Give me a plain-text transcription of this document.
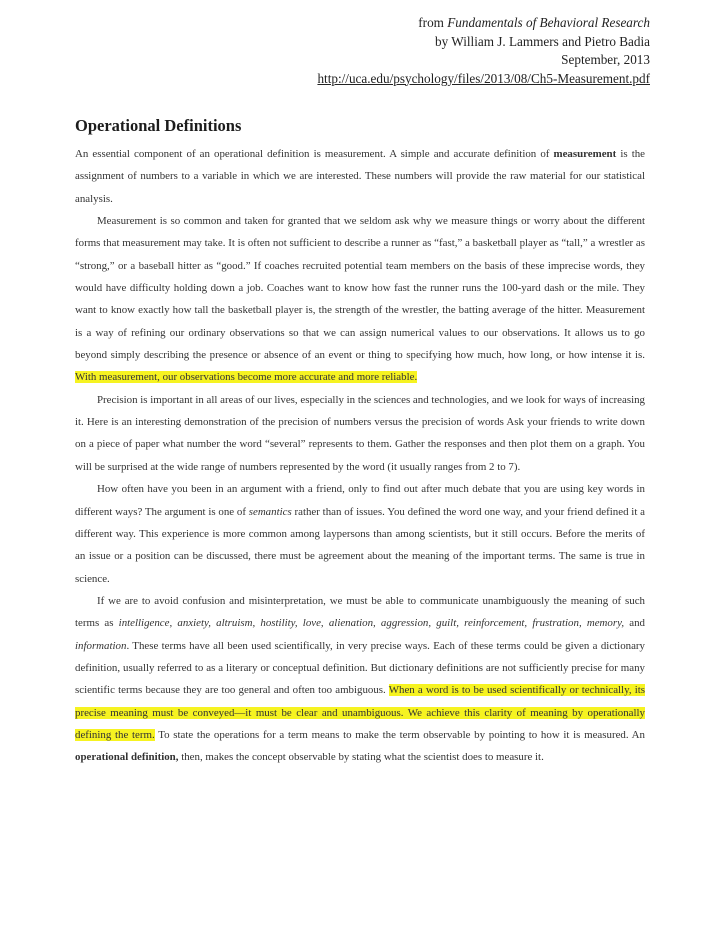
from Fundamentals of Behavioral Research
by William J. Lammers and Pietro Badia
September, 2013
http://uca.edu/psychology/files/2013/08/Ch5-Measurement.pdf
Operational Definitions

An essential component of an operational definition is measurement. A simple and accurate definition of measurement is the assignment of numbers to a variable in which we are interested. These numbers will provide the raw material for our statistical analysis.

Measurement is so common and taken for granted that we seldom ask why we measure things or worry about the different forms that measurement may take. It is often not sufficient to describe a runner as “fast,” a basketball player as “tall,” a wrestler as “strong,” or a baseball hitter as “good.” If coaches recruited potential team members on the basis of these imprecise words, they would have difficulty holding down a job. Coaches want to know how fast the runner runs the 100-yard dash or the mile. They want to know exactly how tall the basketball player is, the strength of the wrestler, the batting average of the hitter. Measurement is a way of refining our ordinary observations so that we can assign numerical values to our observations. It allows us to go beyond simply describing the presence or absence of an event or thing to specifying how much, how long, or how intense it is. With measurement, our observations become more accurate and more reliable.

Precision is important in all areas of our lives, especially in the sciences and technologies, and we look for ways of increasing it. Here is an interesting demonstration of the precision of numbers versus the precision of words Ask your friends to write down on a piece of paper what number the word “several” represents to them. Gather the responses and then plot them on a graph. You will be surprised at the wide range of numbers represented by the word (it usually ranges from 2 to 7).

How often have you been in an argument with a friend, only to find out after much debate that you are using key words in different ways? The argument is one of semantics rather than of issues. You defined the word one way, and your friend defined it a different way. This experience is more common among laypersons than among scientists, but it still occurs. Before the merits of an issue or a position can be discussed, there must be agreement about the meaning of the important terms. The same is true in science.

If we are to avoid confusion and misinterpretation, we must be able to communicate unambiguously the meaning of such terms as intelligence, anxiety, altruism, hostility, love, alienation, aggression, guilt, reinforcement, frustration, memory, and information. These terms have all been used scientifically, in very precise ways. Each of these terms could be given a dictionary definition, usually referred to as a literary or conceptual definition. But dictionary definitions are not sufficiently precise for many scientific terms because they are too general and often too ambiguous. When a word is to be used scientifically or technically, its precise meaning must be conveyed—it must be clear and unambiguous. We achieve this clarity of meaning by operationally defining the term. To state the operations for a term means to make the term observable by pointing to how it is measured. An operational definition, then, makes the concept observable by stating what the scientist does to measure it.
